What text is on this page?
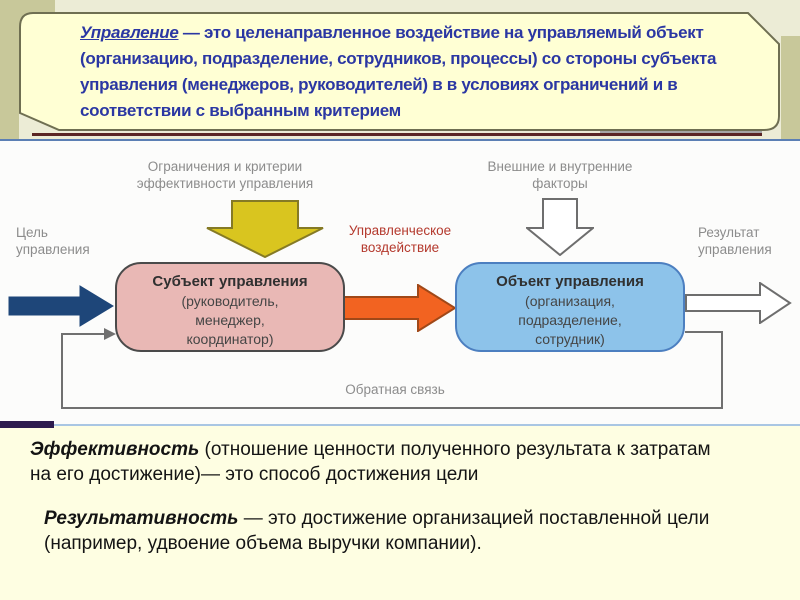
Управление — это целенаправленное воздействие на управляемый объект
(организацию, подразделение, сотрудников, процессы) со стороны субъекта
управления (менеджеров, руководителей) в в условиях ограничений и в
соответствии с выбранным критерием
Ограничения и критерии
эффективности управления
Внешние и внутренние
факторы
Цель
управления
Управленческое
воздействие
Результат
управления
Обратная связь
Субъект управления
(руководитель,
менеджер,
координатор)
Объект управления
(организация,
подразделение,
сотрудник)
Эффективность (отношение ценности полученного результата к затратам
на его достижение)— это способ достижения цели
Результативность — это достижение организацией поставленной цели
(например, удвоение объема выручки компании).
